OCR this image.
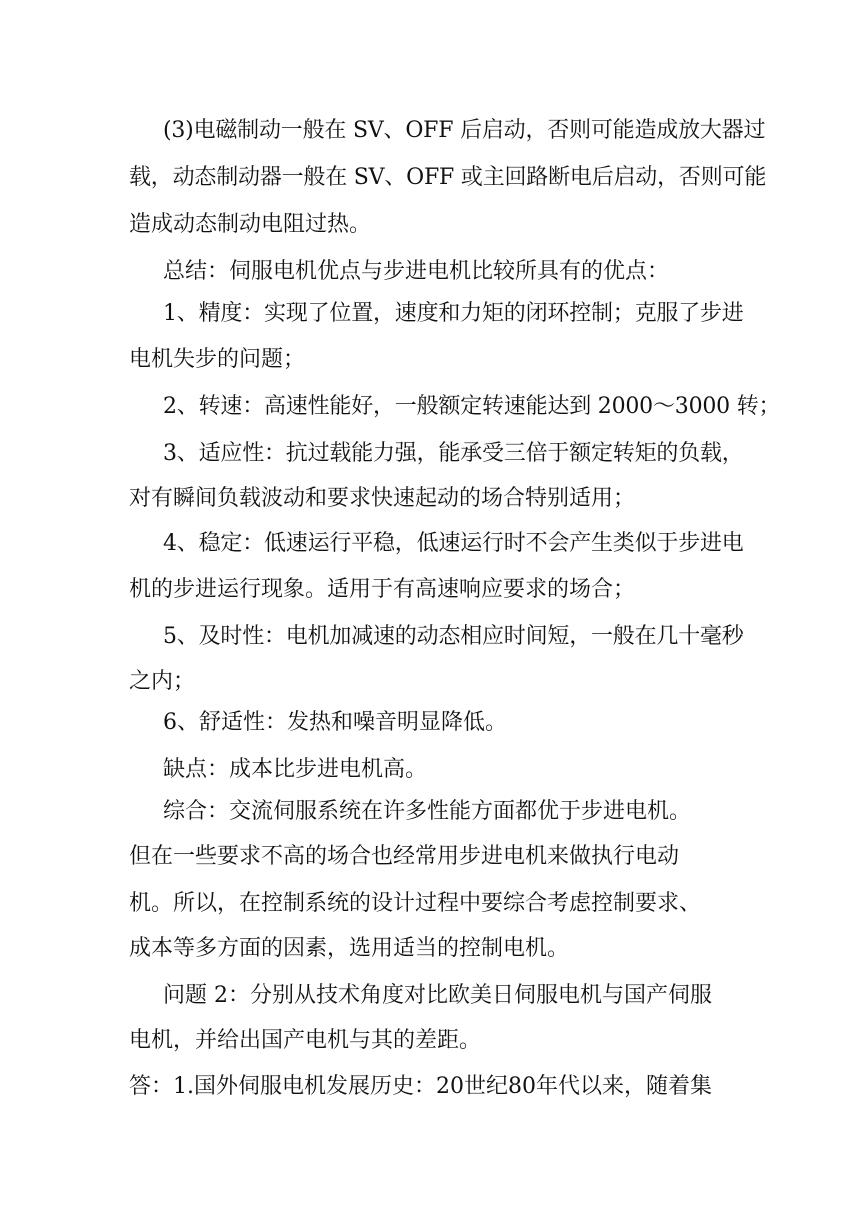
(3)电磁制动一般在 SV、OFF 后启动，否则可能造成放大器过
载，动态制动器一般在 SV、OFF 或主回路断电后启动，否则可能
造成动态制动电阻过热。
总结：伺服电机优点与步进电机比较所具有的优点：
1、精度：实现了位置，速度和力矩的闭环控制；克服了步进
电机失步的问题；
2、转速：高速性能好，一般额定转速能达到 2000～3000 转；
3、适应性：抗过载能力强，能承受三倍于额定转矩的负载，
对有瞬间负载波动和要求快速起动的场合特别适用；
4、稳定：低速运行平稳，低速运行时不会产生类似于步进电
机的步进运行现象。适用于有高速响应要求的场合；
5、及时性：电机加减速的动态相应时间短，一般在几十毫秒
之内；
6、舒适性：发热和噪音明显降低。
缺点：成本比步进电机高。
综合：交流伺服系统在许多性能方面都优于步进电机。
但在一些要求不高的场合也经常用步进电机来做执行电动
机。所以，在控制系统的设计过程中要综合考虑控制要求、
成本等多方面的因素，选用适当的控制电机。
问题 2：分别从技术角度对比欧美日伺服电机与国产伺服
电机，并给出国产电机与其的差距。
答：1.国外伺服电机发展历史：20世纪80年代以来，随着集
